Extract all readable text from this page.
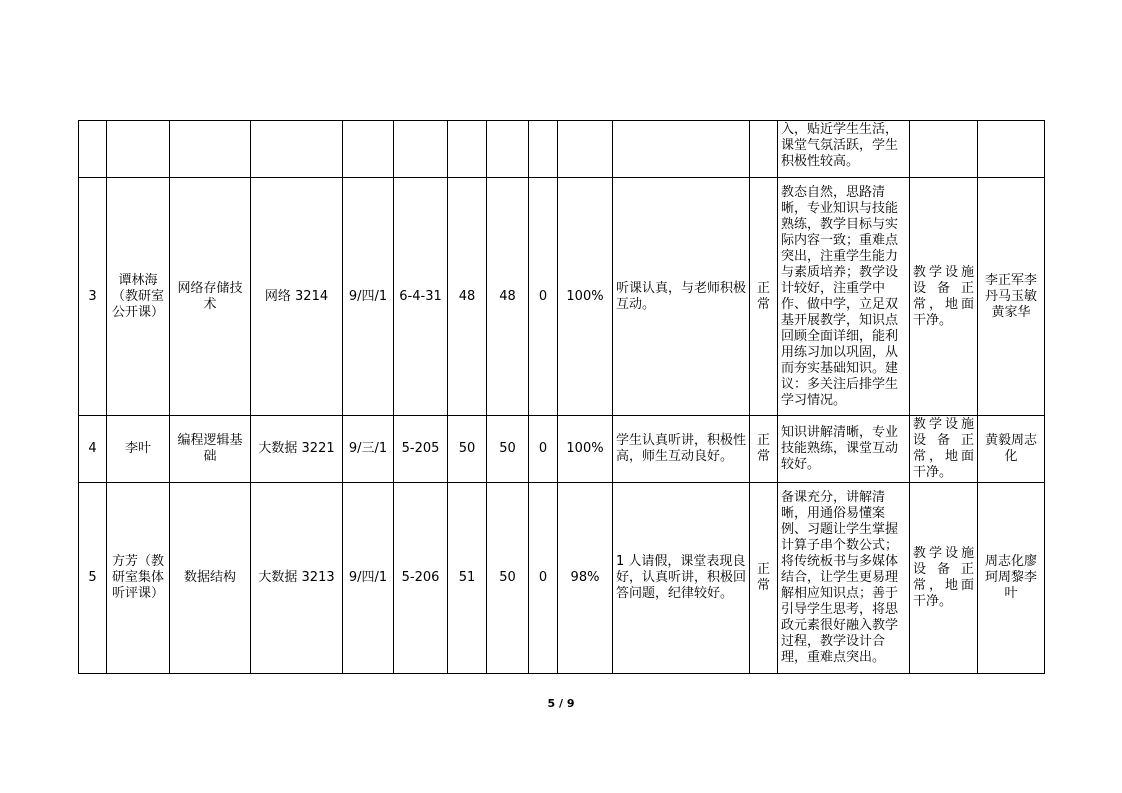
												入，贴近学生生活，课堂气氛活跃，学生积极性较高。		
3	谭林海（教研室公开课）	网络存储技术	网络 3214	9/四/1	6-4-31	48	48	0	100%	听课认真，与老师积极互动。	正常	教态自然，思路清晰，专业知识与技能熟练，教学目标与实际内容一致；重难点突出，注重学生能力与素质培养；教学设计较好，注重学中作、做中学，立足双基开展教学，知识点回顾全面详细，能利用练习加以巩固，从而夯实基础知识。建议：多关注后排学生学习情况。	教学设施设备正常，地面干净。	李正军李丹马玉敏黄家华
4	李叶	编程逻辑基础	大数据 3221	9/三/1	5-205	50	50	0	100%	学生认真听讲，积极性高，师生互动良好。	正常	知识讲解清晰，专业技能熟练，课堂互动较好。	教学设施设备正常，地面干净。	黄毅周志化
5	方芳（教研室集体听评课）	数据结构	大数据 3213	9/四/1	5-206	51	50	0	98%	1 人请假，课堂表现良好，认真听讲，积极回答问题，纪律较好。	正常	备课充分，讲解清晰，用通俗易懂案例、习题让学生掌握计算子串个数公式；将传统板书与多媒体结合，让学生更易理解相应知识点；善于引导学生思考，将思政元素很好融入教学过程，教学设计合理，重难点突出。	教学设施设备正常，地面干净。	周志化廖珂周黎李叶
5 / 9
